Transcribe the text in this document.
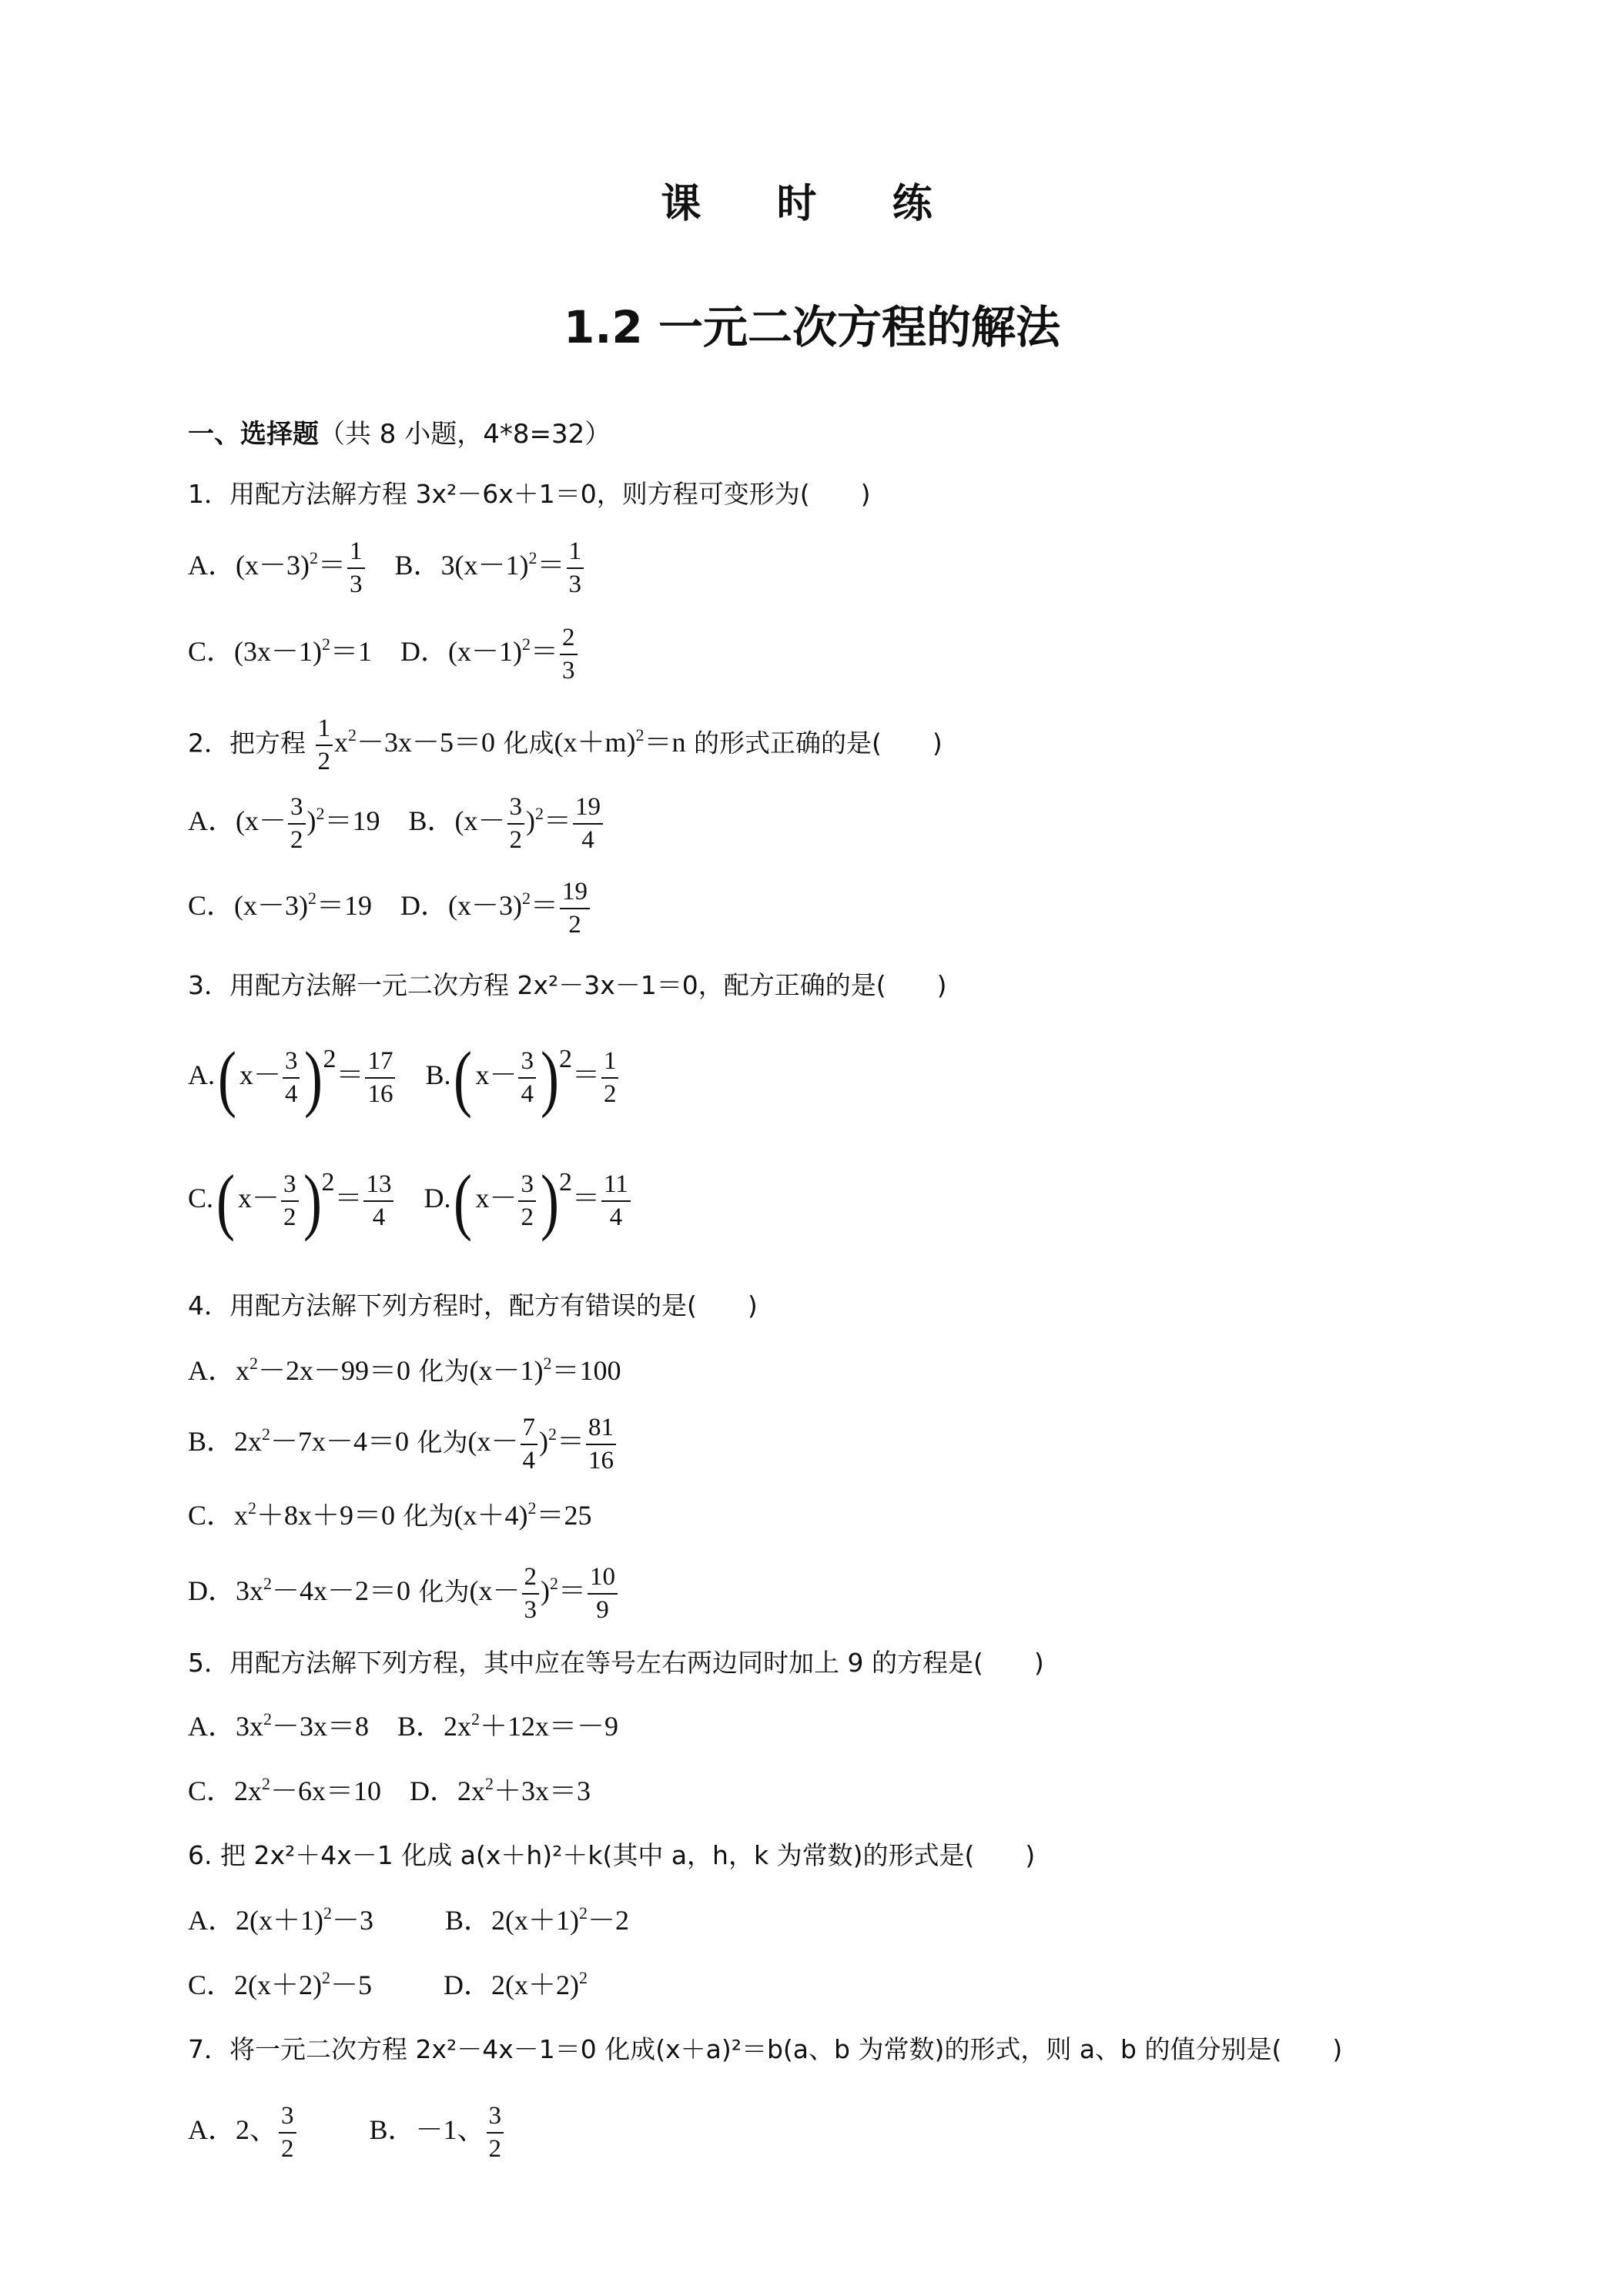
课 时 练
1.2 一元二次方程的解法
一、选择题（共 8 小题，4*8=32）
1．用配方法解方程 3x²－6x＋1＝0，则方程可变形为(　　)
A．$(x-3)^2= \frac{1}{3}$ B．$3(x-1)^2= \frac{1}{3}$
C．$(3x-1)^2=1$ D．$(x-1)^2= \frac{2}{3}$
2．把方程 $\frac{1}{2} x^2-3x-5=0$ 化成$(x+m)^2=n$ 的形式正确的是(　　)
A．$(x- \frac{3}{2} )^2=19$ B．$(x- \frac{3}{2} )^2= \frac{19}{4}$
C．$(x-3)^2=19$ D．$(x-3)^2= \frac{19}{2}$
3．用配方法解一元二次方程 2x²－3x－1＝0，配方正确的是(　　)
A.( $x- \frac{3}{4} )2= \frac{17}{16} B$.( $x- \frac{3}{4} )2= \frac{1}{2}$
C.( $x- \frac{3}{2} )2= \frac{13}{4} D$.( $x- \frac{3}{2} )2= \frac{11}{4}$
4．用配方法解下列方程时，配方有错误的是(　　)
A．$x^2-2x-99=0$ 化为$(x-1)^2=100$
B．$2x^2-7x-4=0$ 化为$(x- \frac{7}{4} )^2= \frac{81}{16}$
C．$x^2+8x+9=0$ 化为$(x+4)^2=25$
D．$3x^2-4x-2=0$ 化为$(x- \frac{2}{3} )^2= \frac{10}{9}$
5．用配方法解下列方程，其中应在等号左右两边同时加上 9 的方程是(　　)
A．$3x^2-3x=8$ B．$2x^2+12x=-9$
C．$2x^2-6x=10$ D．$2x^2+3x=3$
6. 把 2x²＋4x－1 化成 a(x＋h)²＋k(其中 a，h，k 为常数)的形式是(　　)
A．$2(x+1)^2-3$	B．$2(x+1)^2-2$
C．$2(x+2)^2-5$	D．$2(x+2)^2$
7．将一元二次方程 2x²－4x－1＝0 化成(x＋a)²＝b(a、b 为常数)的形式，则 a、b 的值分别是(　　)
A．2、 $\frac{3}{2}$	B．－1、 $\frac{3}{2}$
